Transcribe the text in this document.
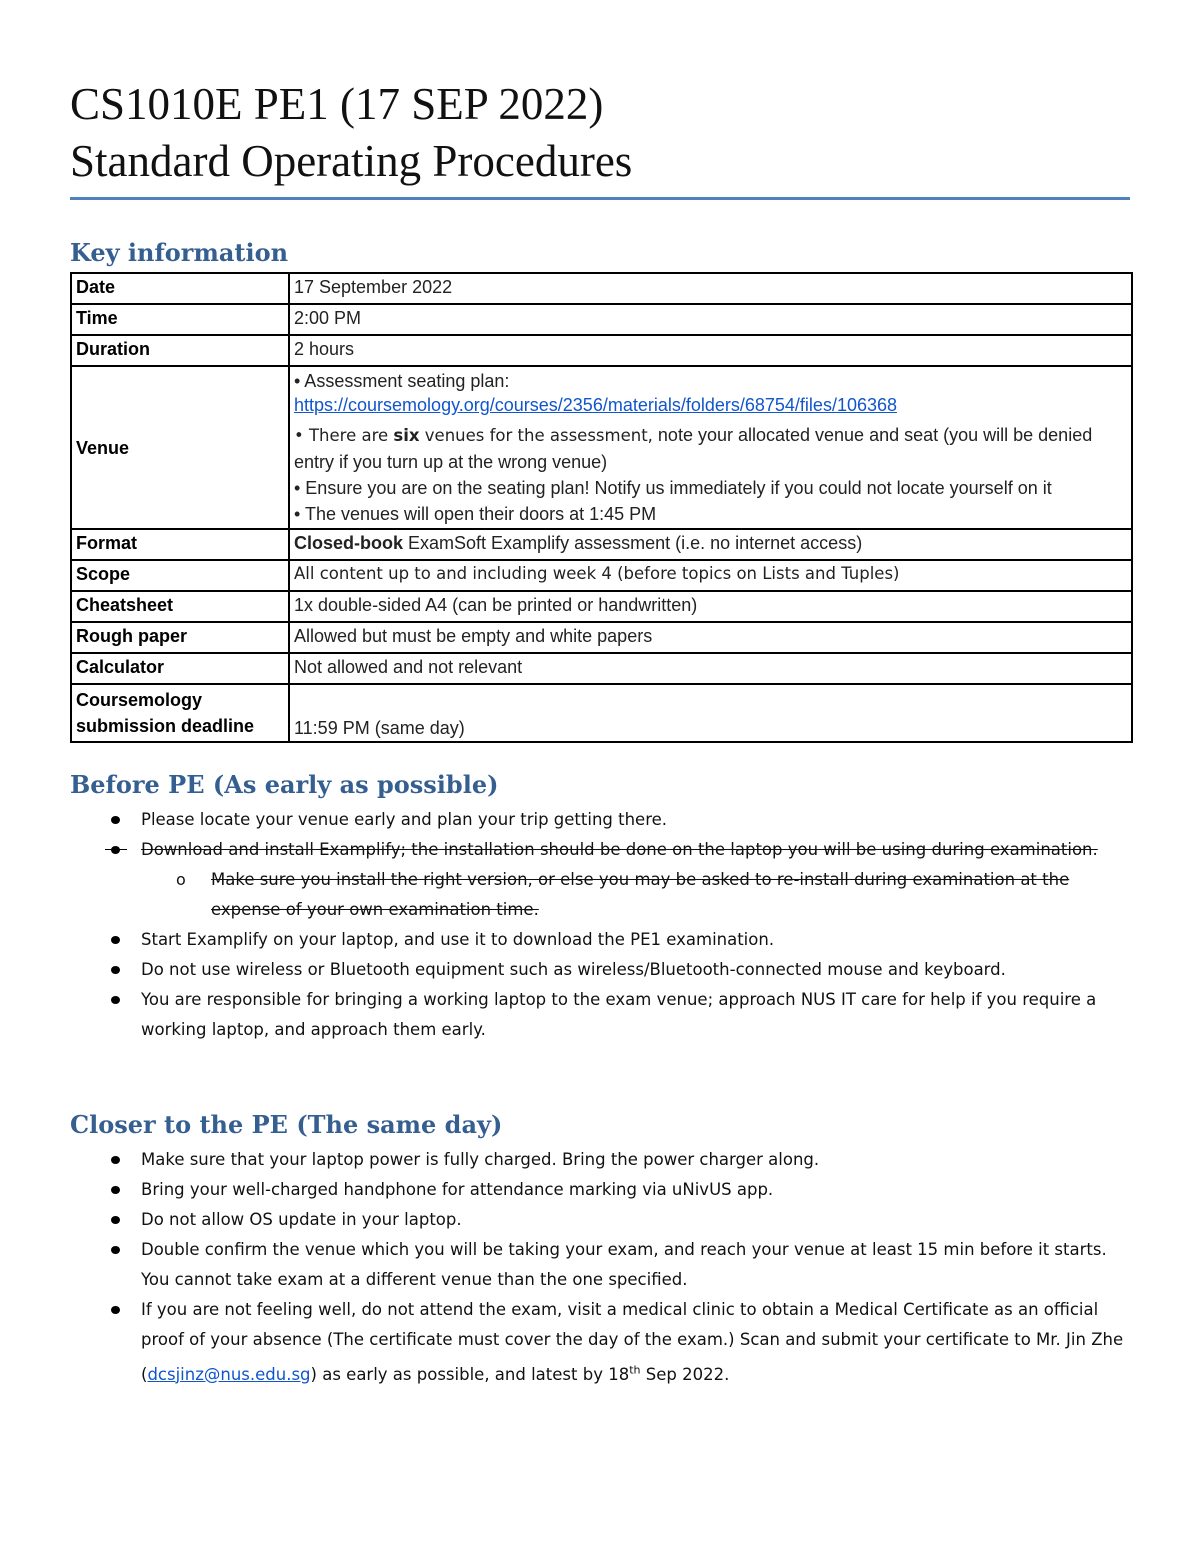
CS1010E PE1 (17 SEP 2022)
Standard Operating Procedures
Key information
Date	17 September 2022
Time	2:00 PM
Duration	2 hours
Venue	• Assessment seating plan:
https://coursemology.org/courses/2356/materials/folders/68754/files/106368
• There are six venues for the assessment, note your allocated venue and seat (you will be denied entry if you turn up at the wrong venue)
• Ensure you are on the seating plan! Notify us immediately if you could not locate yourself on it
• The venues will open their doors at 1:45 PM

Format	Closed-book ExamSoft Examplify assessment (i.e. no internet access)
Scope	All content up to and including week 4 (before topics on Lists and Tuples)
Cheatsheet	1x double-sided A4 (can be printed or handwritten)
Rough paper	Allowed but must be empty and white papers
Calculator	Not allowed and not relevant

Coursemology
submission deadline	11:59 PM (same day)
Before PE (As early as possible)
Please locate your venue early and plan your trip getting there.
Download and install Examplify; the installation should be done on the laptop you will be using during examination.
o Make sure you install the right version, or else you may be asked to re-install during examination at the expense of your own examination time.
Start Examplify on your laptop, and use it to download the PE1 examination.
Do not use wireless or Bluetooth equipment such as wireless/Bluetooth-connected mouse and keyboard.
You are responsible for bringing a working laptop to the exam venue; approach NUS IT care for help if you require a working laptop, and approach them early.
Closer to the PE (The same day)
Make sure that your laptop power is fully charged. Bring the power charger along.
Bring your well-charged handphone for attendance marking via uNivUS app.
Do not allow OS update in your laptop.
Double confirm the venue which you will be taking your exam, and reach your venue at least 15 min before it starts. You cannot take exam at a different venue than the one specified.
If you are not feeling well, do not attend the exam, visit a medical clinic to obtain a Medical Certificate as an official proof of your absence (The certificate must cover the day of the exam.) Scan and submit your certificate to Mr. Jin Zhe (dcsjinz@nus.edu.sg) as early as possible, and latest by 18th Sep 2022.
